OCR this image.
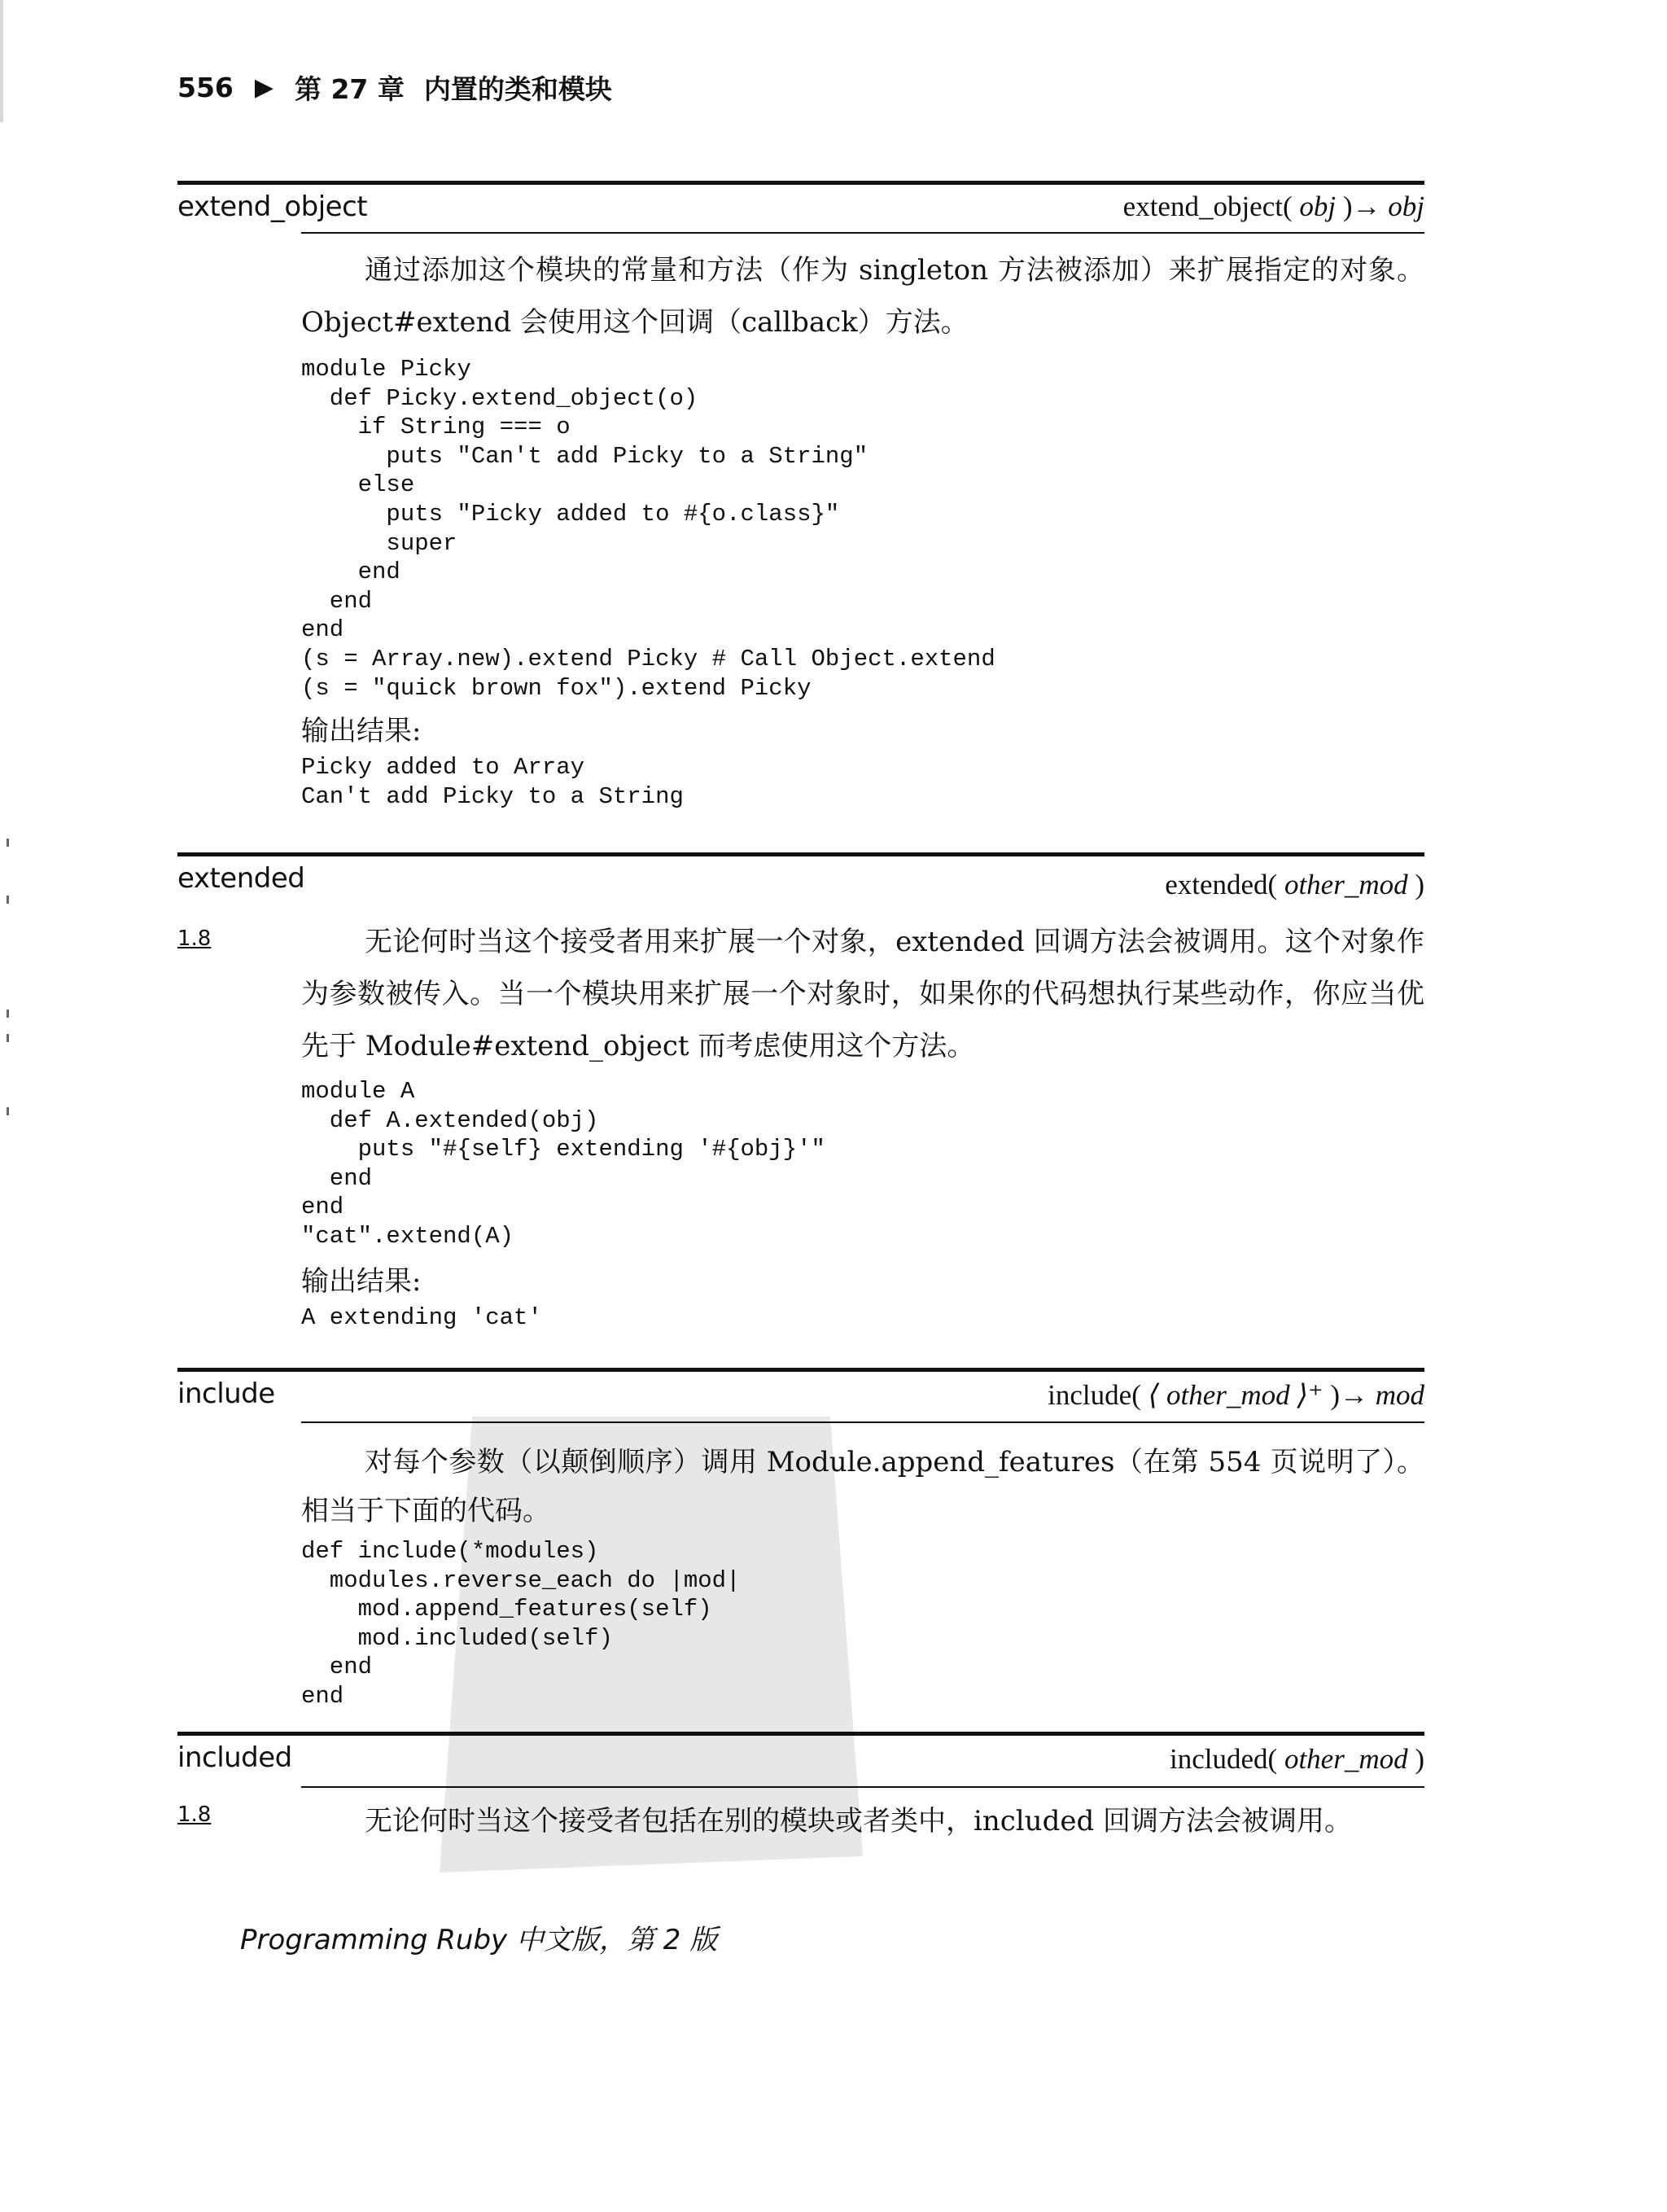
556 ▶ 第 27 章 内置的类和模块
extend_object	extend_object( obj )→ obj

通过添加这个模块的常量和方法（作为 singleton 方法被添加）来扩展指定的对象。Object#extend 会使用这个回调（callback）方法。

module Picky
def Picky.extend_object(o)
if String === o
puts "Can't add Picky to a String"
else
puts "Picky added to #{o.class}"
super
end
end
end
(s = Array.new).extend Picky # Call Object.extend
(s = "quick brown fox").extend Picky

输出结果:

Picky added to Array
Can't add Picky to a String
1.8
extended	extended( other_mod )

无论何时当这个接受者用来扩展一个对象，extended 回调方法会被调用。这个对象作为参数被传入。当一个模块用来扩展一个对象时，如果你的代码想执行某些动作，你应当优先于 Module#extend_object 而考虑使用这个方法。

module A
def A.extended(obj)
puts "#{self} extending '#{obj}'"
end
end
"cat".extend(A)

输出结果:

A extending 'cat'
include	include( ⟨ other_mod ⟩⁺ )→ mod

对每个参数（以颠倒顺序）调用 Module.append_features（在第 554 页说明了）。相当于下面的代码。

def include(*modules)
modules.reverse_each do |mod|
mod.append_features(self)
mod.included(self)
end
end
1.8
included	included( other_mod )

无论何时当这个接受者包括在别的模块或者类中，included 回调方法会被调用。

Programming Ruby 中文版，第 2 版
